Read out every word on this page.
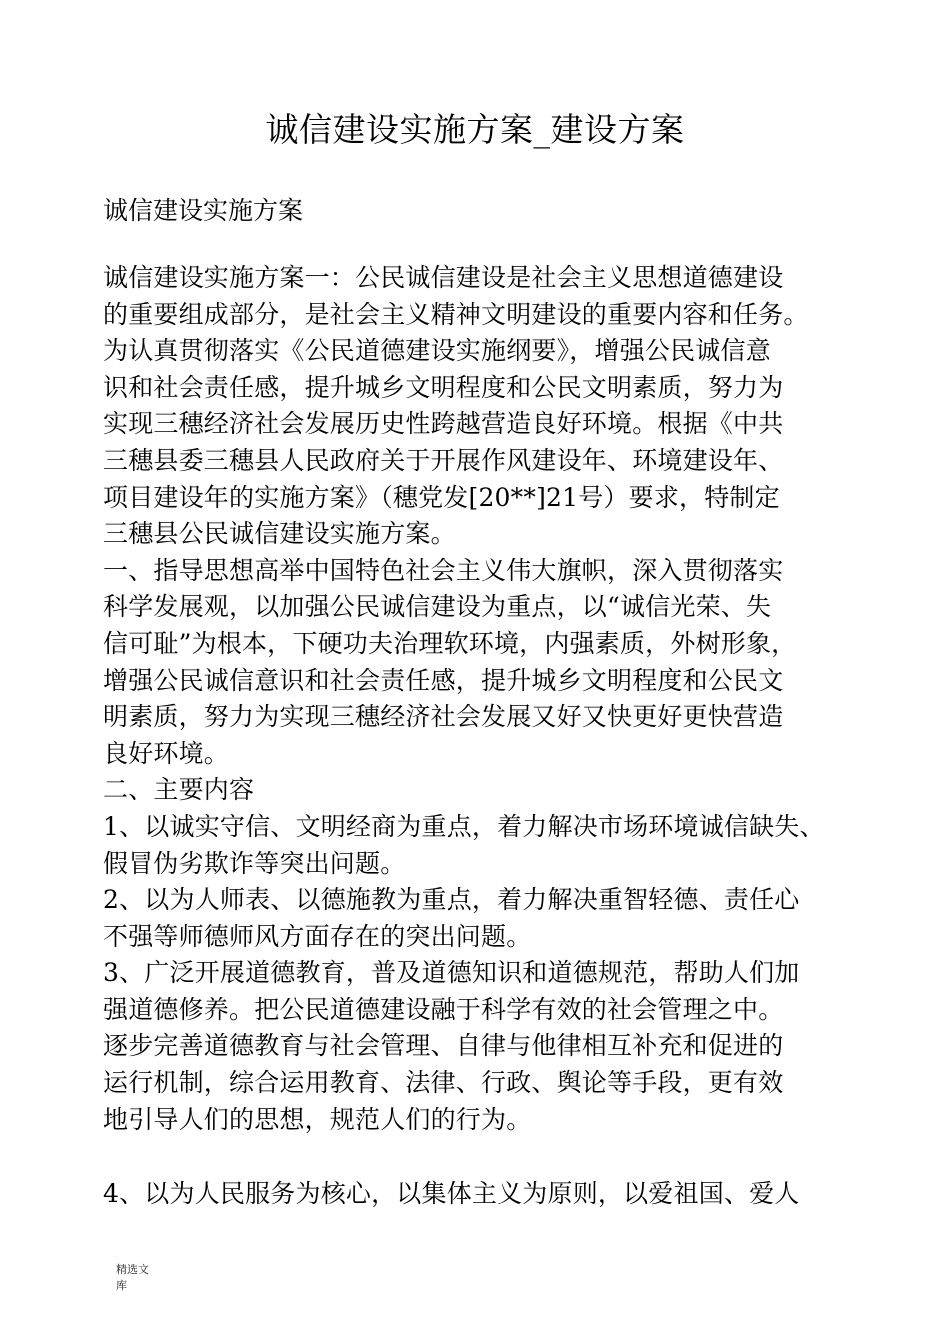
诚信建设实施方案_建设方案
诚信建设实施方案
诚信建设实施方案一：公民诚信建设是社会主义思想道德建设
的重要组成部分，是社会主义精神文明建设的重要内容和任务。
为认真贯彻落实《公民道德建设实施纲要》，增强公民诚信意
识和社会责任感，提升城乡文明程度和公民文明素质，努力为
实现三穗经济社会发展历史性跨越营造良好环境。根据《中共
三穗县委三穗县人民政府关于开展作风建设年、环境建设年、
项目建设年的实施方案》（穗党发[20**]21号）要求，特制定
三穗县公民诚信建设实施方案。
一、指导思想高举中国特色社会主义伟大旗帜，深入贯彻落实
科学发展观，以加强公民诚信建设为重点，以“诚信光荣、失
信可耻”为根本，下硬功夫治理软环境，内强素质，外树形象，
增强公民诚信意识和社会责任感，提升城乡文明程度和公民文
明素质，努力为实现三穗经济社会发展又好又快更好更快营造
良好环境。
二、主要内容
1、以诚实守信、文明经商为重点，着力解决市场环境诚信缺失、
假冒伪劣欺诈等突出问题。
2、以为人师表、以德施教为重点，着力解决重智轻德、责任心
不强等师德师风方面存在的突出问题。
3、广泛开展道德教育，普及道德知识和道德规范，帮助人们加
强道德修养。把公民道德建设融于科学有效的社会管理之中。
逐步完善道德教育与社会管理、自律与他律相互补充和促进的
运行机制，综合运用教育、法律、行政、舆论等手段，更有效
地引导人们的思想，规范人们的行为。
4、以为人民服务为核心，以集体主义为原则，以爱祖国、爱人
精选文
库
